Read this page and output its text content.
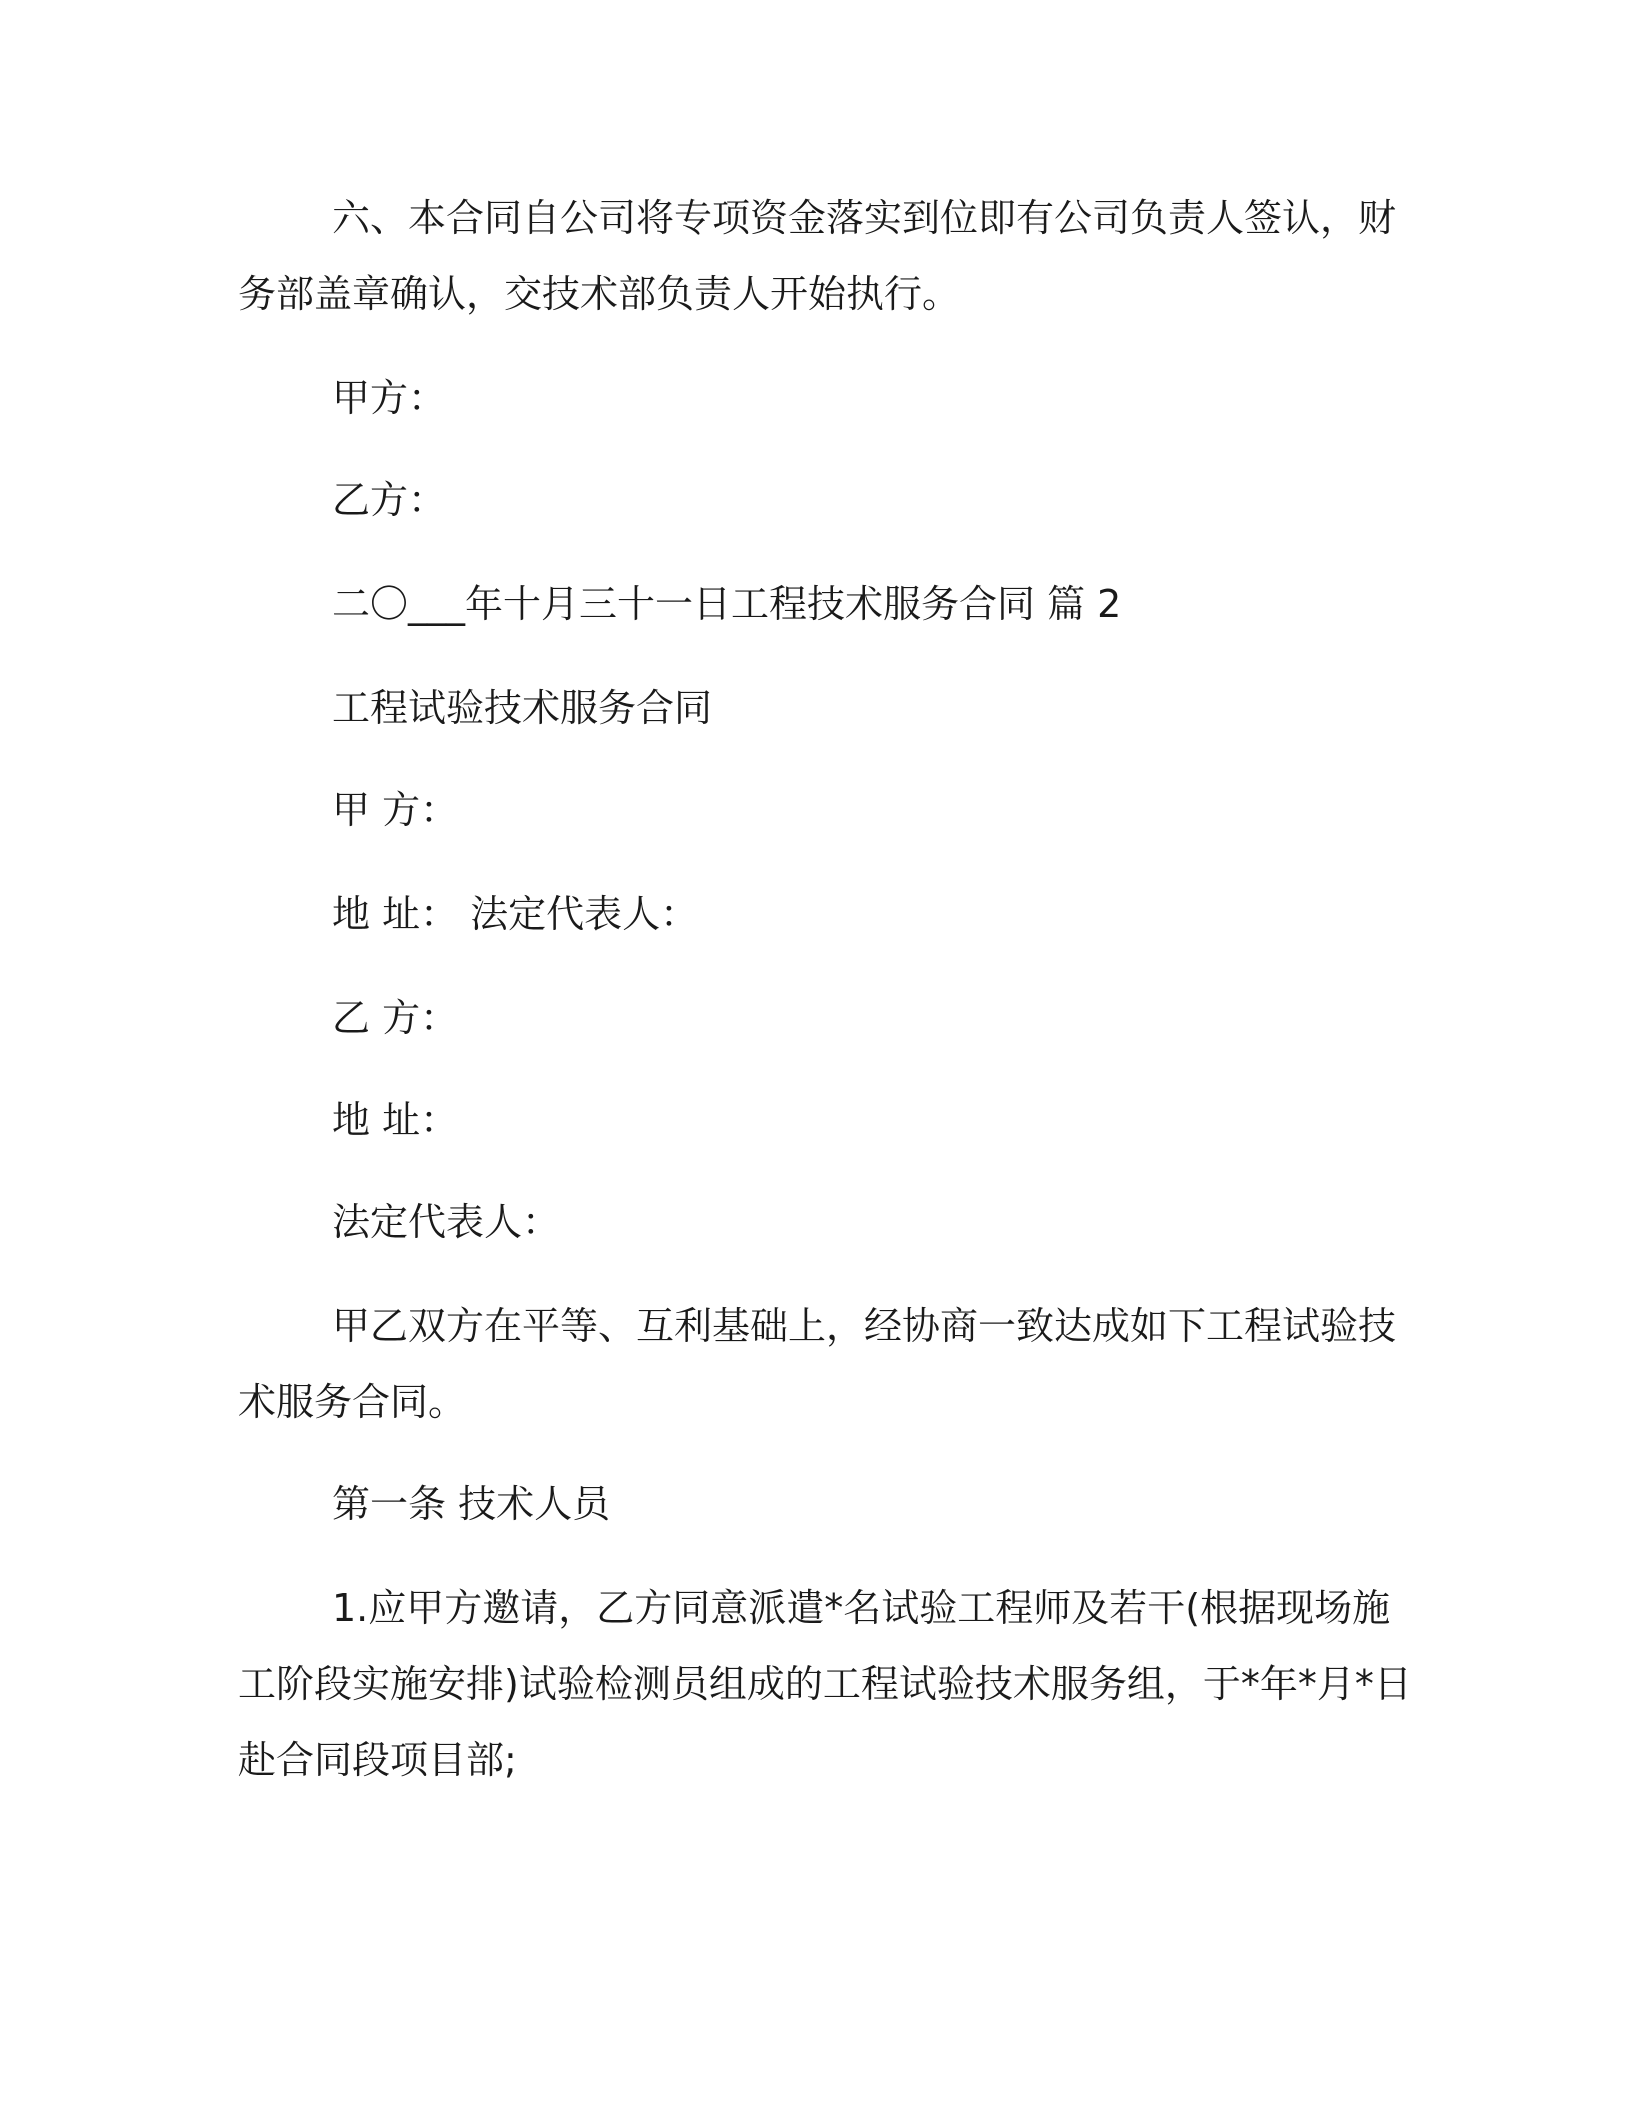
六、本合同自公司将专项资金落实到位即有公司负责人签认，财
务部盖章确认，交技术部负责人开始执行。
甲方：
乙方：
二〇___年十月三十一日工程技术服务合同 篇 2
工程试验技术服务合同
甲 方：
地 址： 法定代表人：
乙 方：
地 址：
法定代表人：
甲乙双方在平等、互利基础上，经协商一致达成如下工程试验技
术服务合同。
第一条 技术人员
1.应甲方邀请，乙方同意派遣*名试验工程师及若干(根据现场施
工阶段实施安排)试验检测员组成的工程试验技术服务组，于*年*月*日
赴合同段项目部;
